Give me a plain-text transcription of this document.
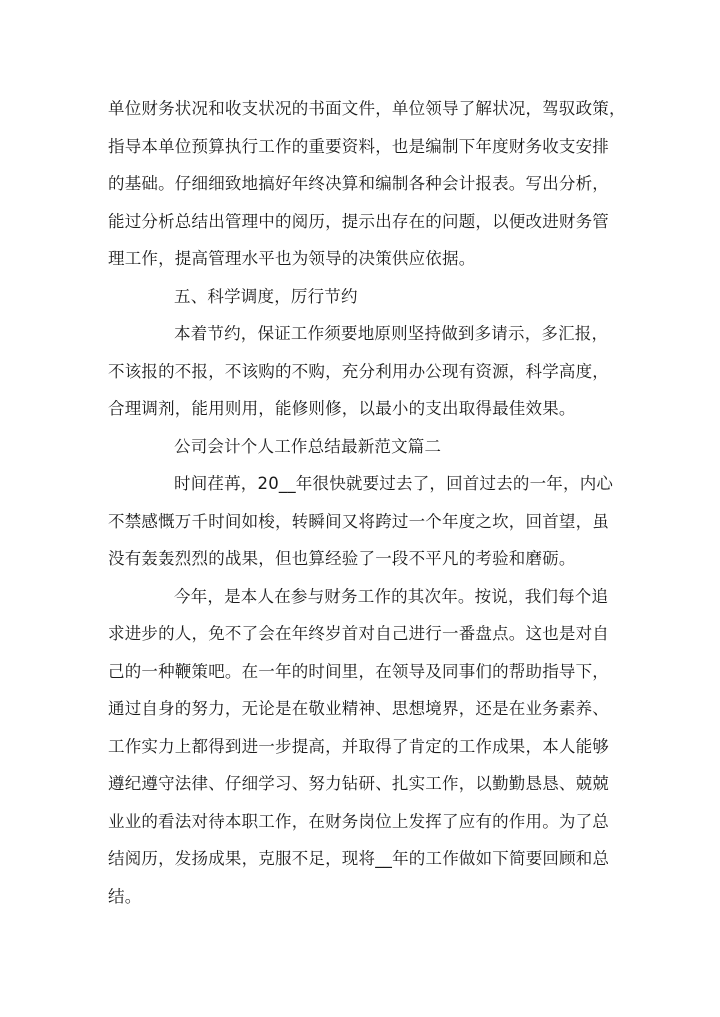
单位财务状况和收支状况的书面文件，单位领导了解状况，驾驭政策，
指导本单位预算执行工作的重要资料，也是编制下年度财务收支安排
的基础。仔细细致地搞好年终决算和编制各种会计报表。写出分析，
能过分析总结出管理中的阅历，提示出存在的问题，以便改进财务管
理工作，提高管理水平也为领导的决策供应依据。
五、科学调度，厉行节约
本着节约，保证工作须要地原则坚持做到多请示，多汇报，
不该报的不报，不该购的不购，充分利用办公现有资源，科学高度，
合理调剂，能用则用，能修则修，以最小的支出取得最佳效果。
公司会计个人工作总结最新范文篇二
时间荏苒，20__年很快就要过去了，回首过去的一年，内心
不禁感慨万千时间如梭，转瞬间又将跨过一个年度之坎，回首望，虽
没有轰轰烈烈的战果，但也算经验了一段不平凡的考验和磨砺。
今年，是本人在参与财务工作的其次年。按说，我们每个追
求进步的人，免不了会在年终岁首对自己进行一番盘点。这也是对自
己的一种鞭策吧。在一年的时间里，在领导及同事们的帮助指导下，
通过自身的努力，无论是在敬业精神、思想境界，还是在业务素养、
工作实力上都得到进一步提高，并取得了肯定的工作成果，本人能够
遵纪遵守法律、仔细学习、努力钻研、扎实工作，以勤勤恳恳、兢兢
业业的看法对待本职工作，在财务岗位上发挥了应有的作用。为了总
结阅历，发扬成果，克服不足，现将__年的工作做如下简要回顾和总
结。
